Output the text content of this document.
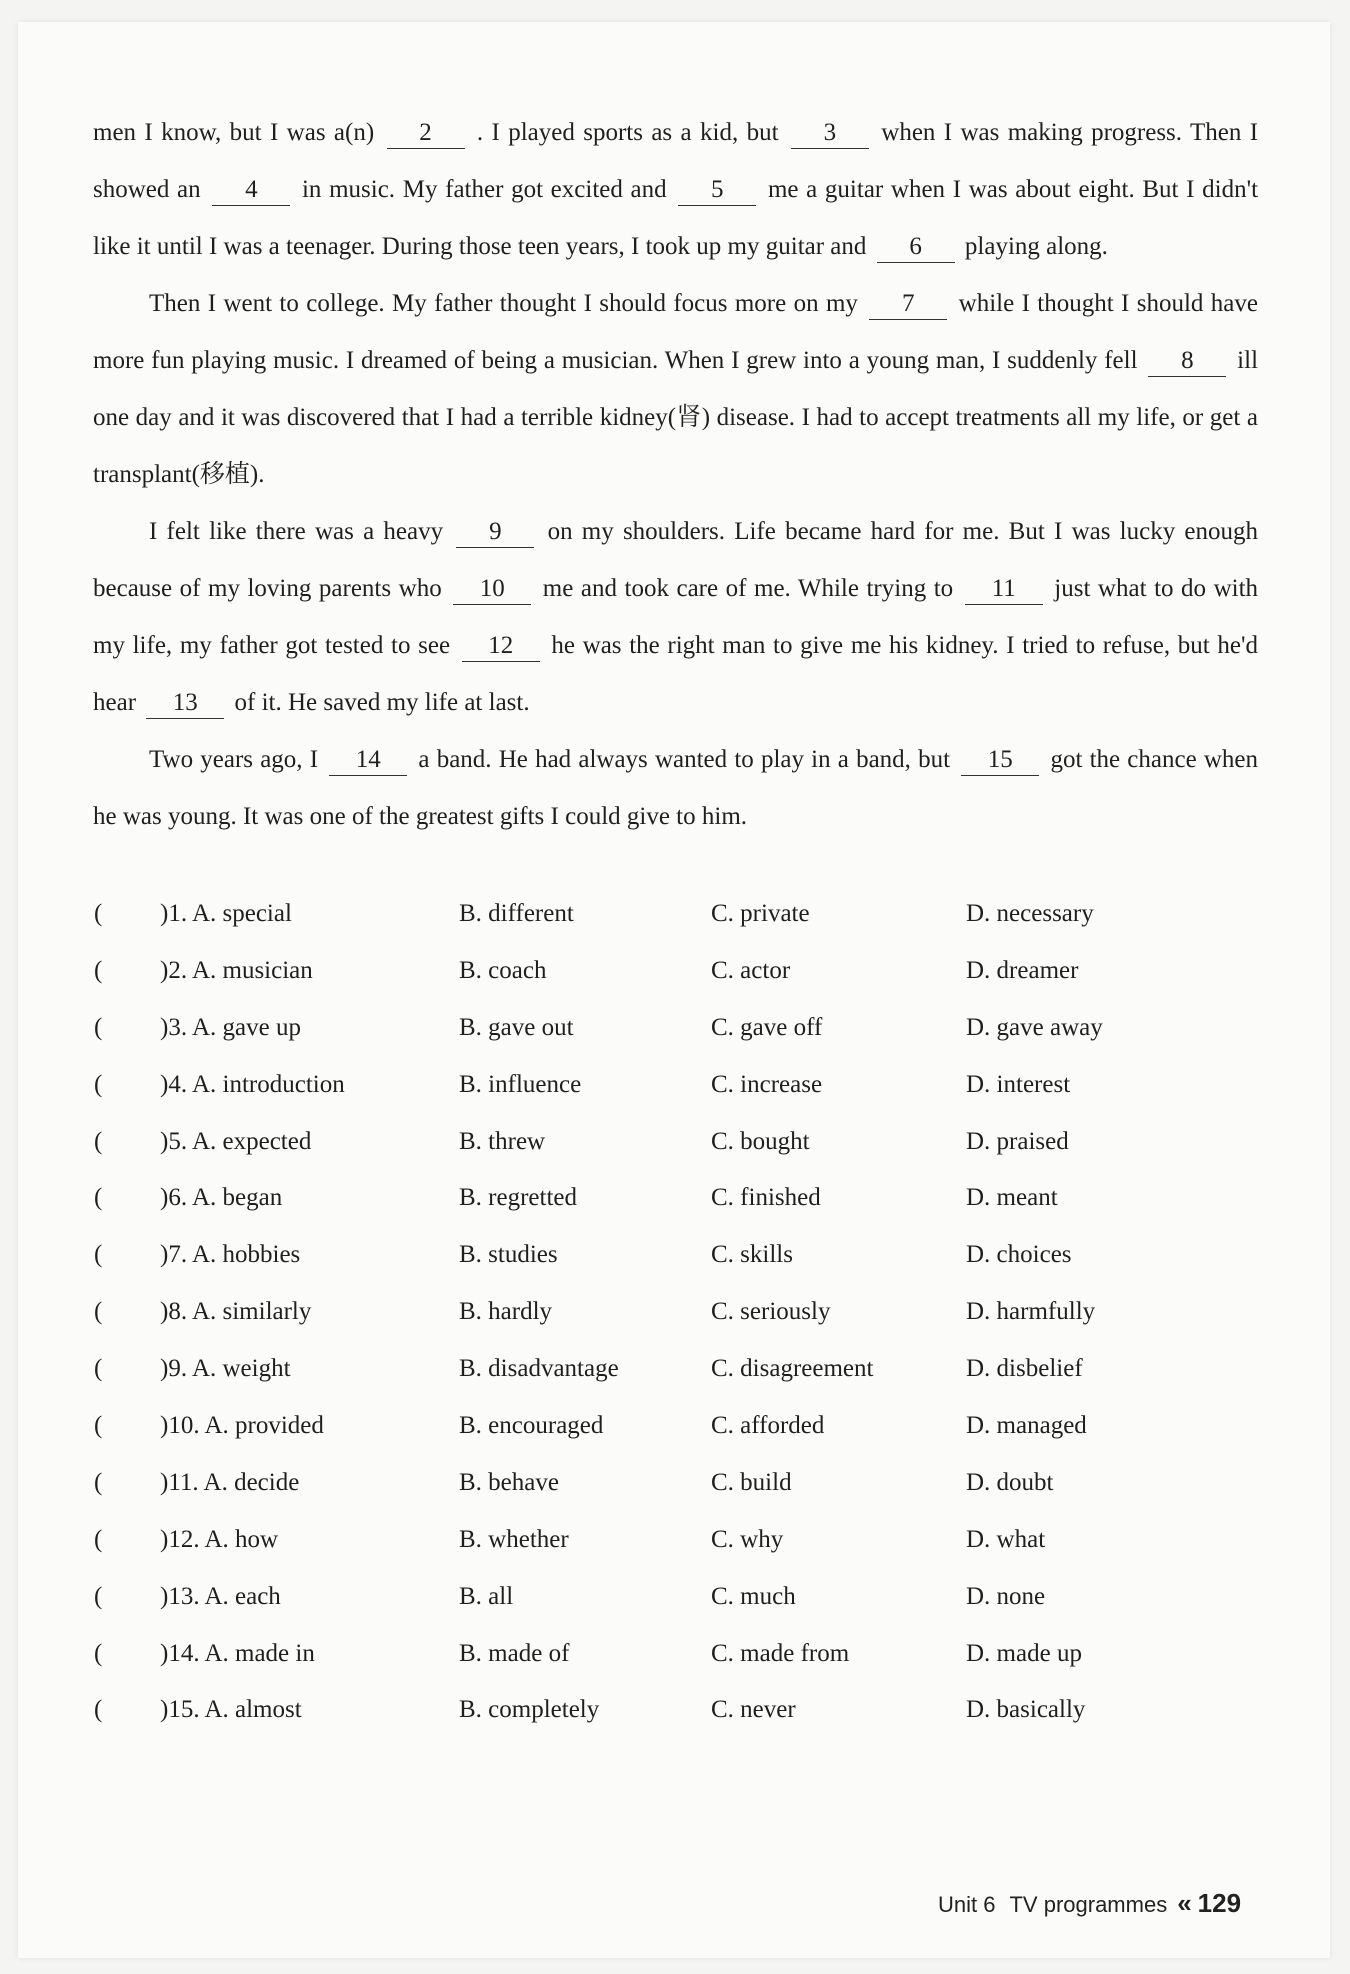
men I know, but I was a(n) 2 . I played sports as a kid, but 3 when I was making progress. Then I showed an 4 in music. My father got excited and 5 me a guitar when I was about eight. But I didn't like it until I was a teenager. During those teen years, I took up my guitar and 6 playing along.

Then I went to college. My father thought I should focus more on my 7 while I thought I should have more fun playing music. I dreamed of being a musician. When I grew into a young man, I suddenly fell 8 ill one day and it was discovered that I had a terrible kidney(肾) disease. I had to accept treatments all my life, or get a transplant(移植).

I felt like there was a heavy 9 on my shoulders. Life became hard for me. But I was lucky enough because of my loving parents who 10 me and took care of me. While trying to 11 just what to do with my life, my father got tested to see 12 he was the right man to give me his kidney. I tried to refuse, but he'd hear 13 of it. He saved my life at last.

Two years ago, I 14 a band. He had always wanted to play in a band, but 15 got the chance when he was young. It was one of the greatest gifts I could give to him.

( )1. A. special	B. different	C. private	D. necessary
( )2. A. musician	B. coach	C. actor	D. dreamer
( )3. A. gave up	B. gave out	C. gave off	D. gave away
( )4. A. introduction	B. influence	C. increase	D. interest
( )5. A. expected	B. threw	C. bought	D. praised
( )6. A. began	B. regretted	C. finished	D. meant
( )7. A. hobbies	B. studies	C. skills	D. choices
( )8. A. similarly	B. hardly	C. seriously	D. harmfully
( )9. A. weight	B. disadvantage	C. disagreement	D. disbelief
( )10. A. provided	B. encouraged	C. afforded	D. managed
( )11. A. decide	B. behave	C. build	D. doubt
( )12. A. how	B. whether	C. why	D. what
( )13. A. each	B. all	C. much	D. none
( )14. A. made in	B. made of	C. made from	D. made up
( )15. A. almost	B. completely	C. never	D. basically
Unit 6 TV programmes « 129
